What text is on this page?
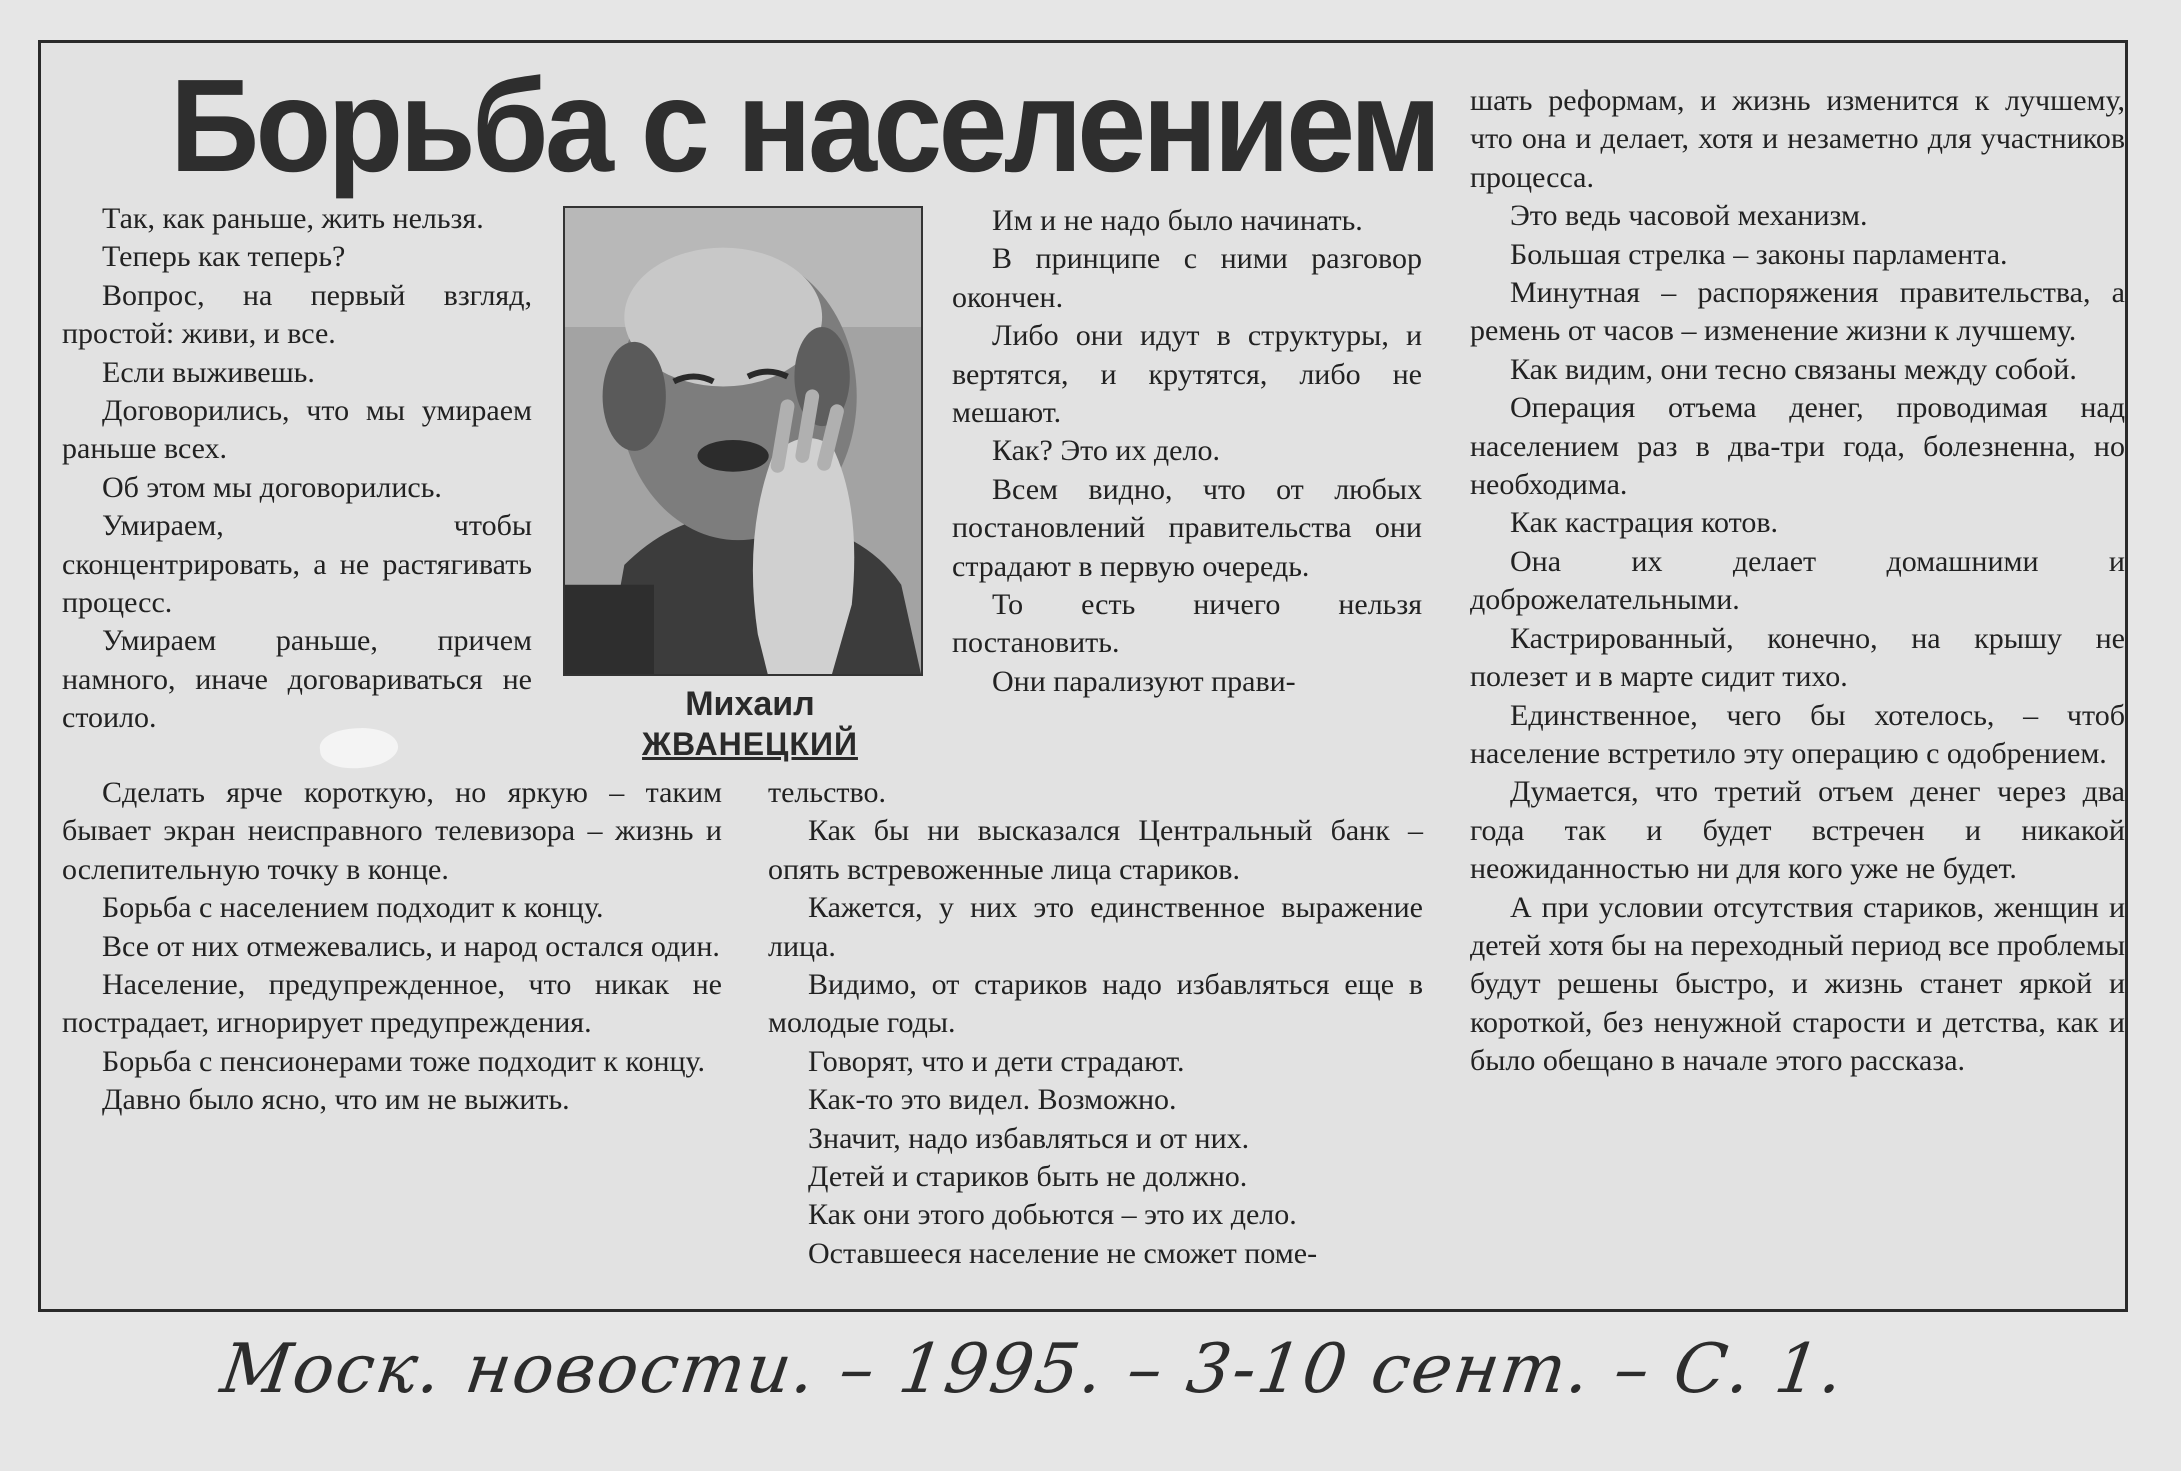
Борьба с населением

Так, как раньше, жить нельзя.

Теперь как теперь?

Вопрос, на первый взгляд, простой: живи, и все.

Если выживешь.

Договорились, что мы умираем раньше всех.

Об этом мы договорились.

Умираем, чтобы сконцентрировать, а не растягивать процесс.

Умираем раньше, причем намного, иначе договариваться не стоило.

Сделать ярче короткую, но яркую – таким бывает экран неисправного телевизора – жизнь и ослепительную точку в конце.

Борьба с населением подходит к концу.

Все от них отмежевались, и народ остался один.

Население, предупрежденное, что никак не пострадает, игнорирует предупреждения.

Борьба с пенсионерами тоже подходит к концу.

Давно было ясно, что им не выжить.

Михаил
ЖВАНЕЦКИЙ

Им и не надо было начинать.

В принципе с ними разговор окончен.

Либо они идут в структуры, и вертятся, и крутятся, либо не мешают.

Как? Это их дело.

Всем видно, что от любых постановлений правительства они страдают в первую очередь.

То есть ничего нельзя постановить.

Они парализуют прави-

тельство.

Как бы ни высказался Центральный банк – опять встревоженные лица стариков.

Кажется, у них это единственное выражение лица.

Видимо, от стариков надо избавляться еще в молодые годы.

Говорят, что и дети страдают.

Как-то это видел. Возможно.

Значит, надо избавляться и от них.

Детей и стариков быть не должно.

Как они этого добьются – это их дело.

Оставшееся население не сможет поме-

шать реформам, и жизнь изменится к лучшему, что она и делает, хотя и незаметно для участников процесса.

Это ведь часовой механизм.

Большая стрелка – законы парламента.

Минутная – распоряжения правительства, а ремень от часов – изменение жизни к лучшему.

Как видим, они тесно связаны между собой.

Операция отъема денег, проводимая над населением раз в два-три года, болезненна, но необходима.

Как кастрация котов.

Она их делает домашними и доброжелательными.

Кастрированный, конечно, на крышу не полезет и в марте сидит тихо.

Единственное, чего бы хотелось, – чтоб население встретило эту операцию с одобрением.

Думается, что третий отъем денег через два года так и будет встречен и никакой неожиданностью ни для кого уже не будет.

А при условии отсутствия стариков, женщин и детей хотя бы на переходный период все проблемы будут решены быстро, и жизнь станет яркой и короткой, без ненужной старости и детства, как и было обещано в начале этого рассказа.

Моск. новости. – 1995. – 3-10 сент. – С. 1.
